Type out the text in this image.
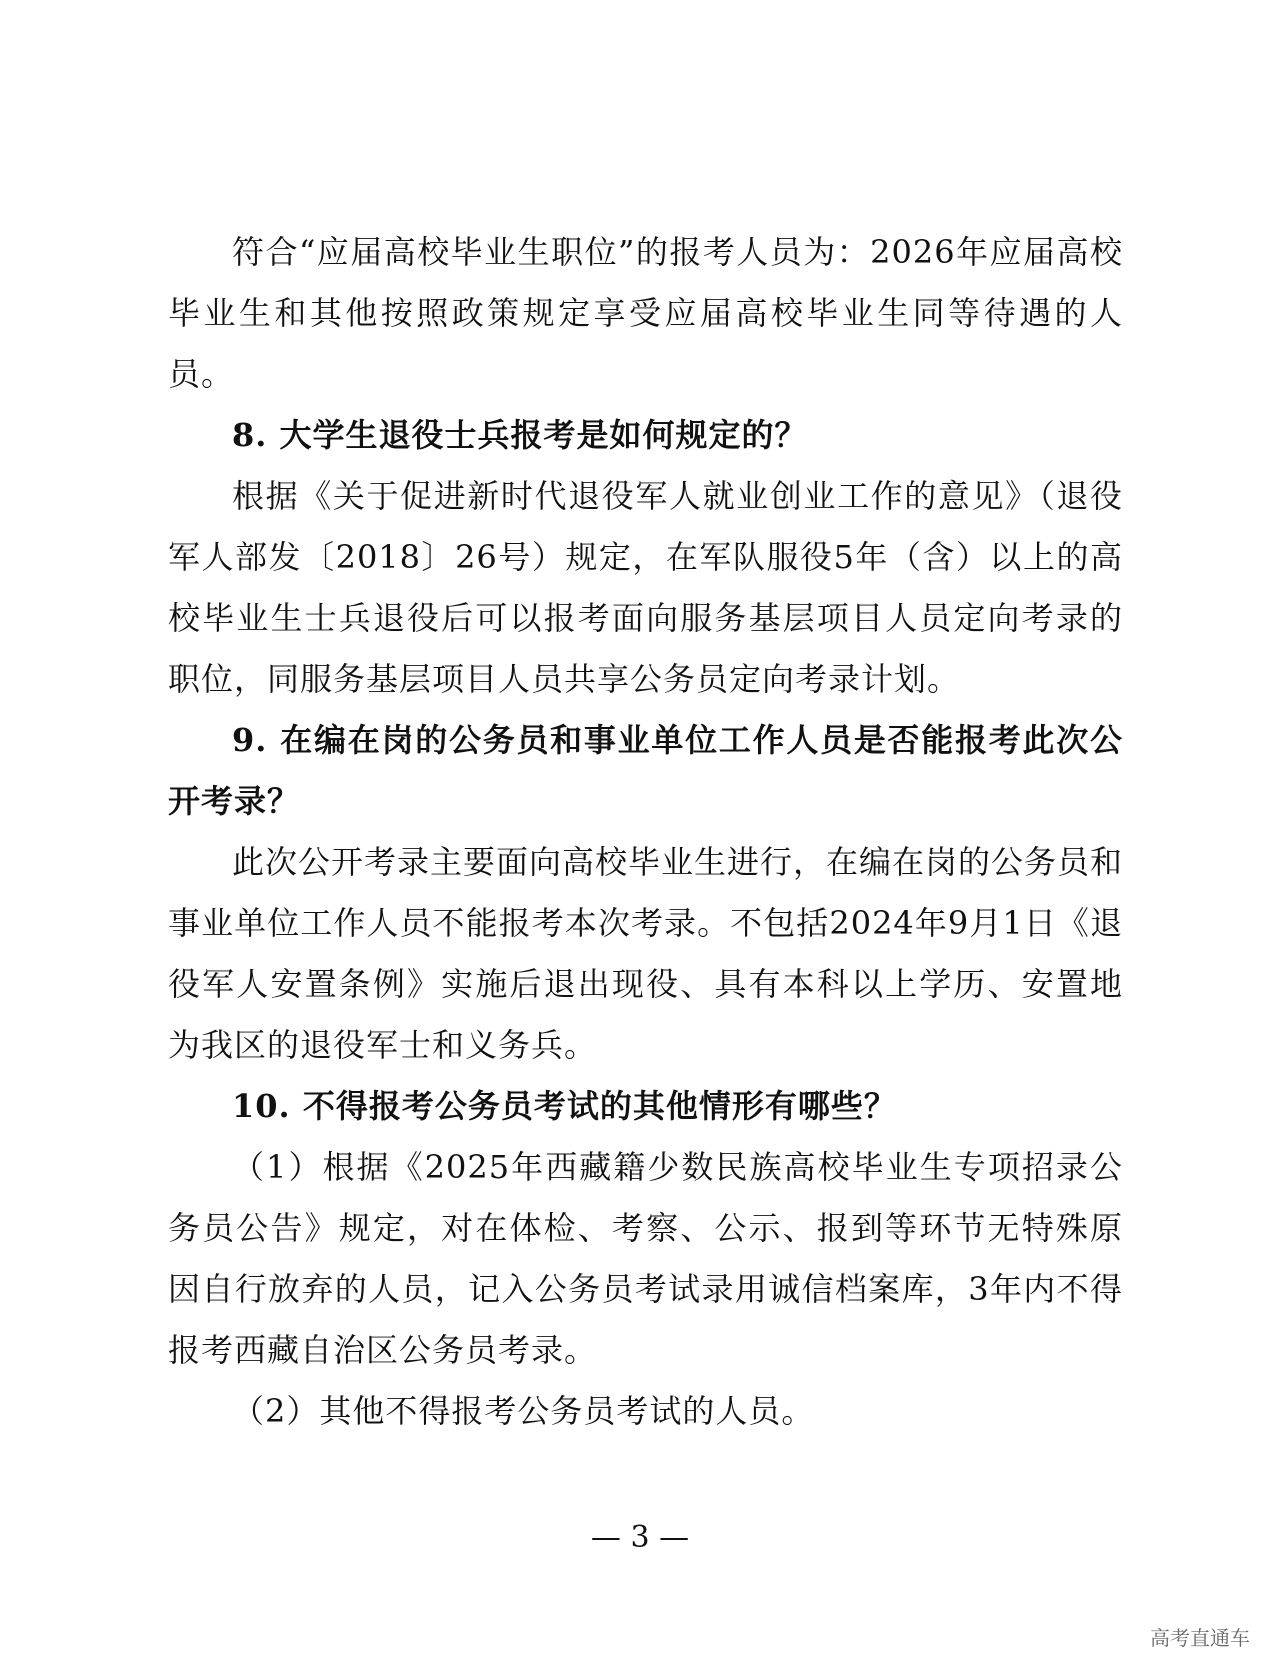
符合“应届高校毕业生职位”的报考人员为：2026年应届高校毕业生和其他按照政策规定享受应届高校毕业生同等待遇的人员。

8. 大学生退役士兵报考是如何规定的？

根据《关于促进新时代退役军人就业创业工作的意见》（退役军人部发〔2018〕26号）规定，在军队服役5年（含）以上的高校毕业生士兵退役后可以报考面向服务基层项目人员定向考录的职位，同服务基层项目人员共享公务员定向考录计划。

9. 在编在岗的公务员和事业单位工作人员是否能报考此次公开考录？

此次公开考录主要面向高校毕业生进行，在编在岗的公务员和事业单位工作人员不能报考本次考录。不包括2024年9月1日《退役军人安置条例》实施后退出现役、具有本科以上学历、安置地为我区的退役军士和义务兵。

10. 不得报考公务员考试的其他情形有哪些？

（1）根据《2025年西藏籍少数民族高校毕业生专项招录公务员公告》规定，对在体检、考察、公示、报到等环节无特殊原因自行放弃的人员，记入公务员考试录用诚信档案库，3年内不得报考西藏自治区公务员考录。

（2）其他不得报考公务员考试的人员。

— 3 —
高考直通车
